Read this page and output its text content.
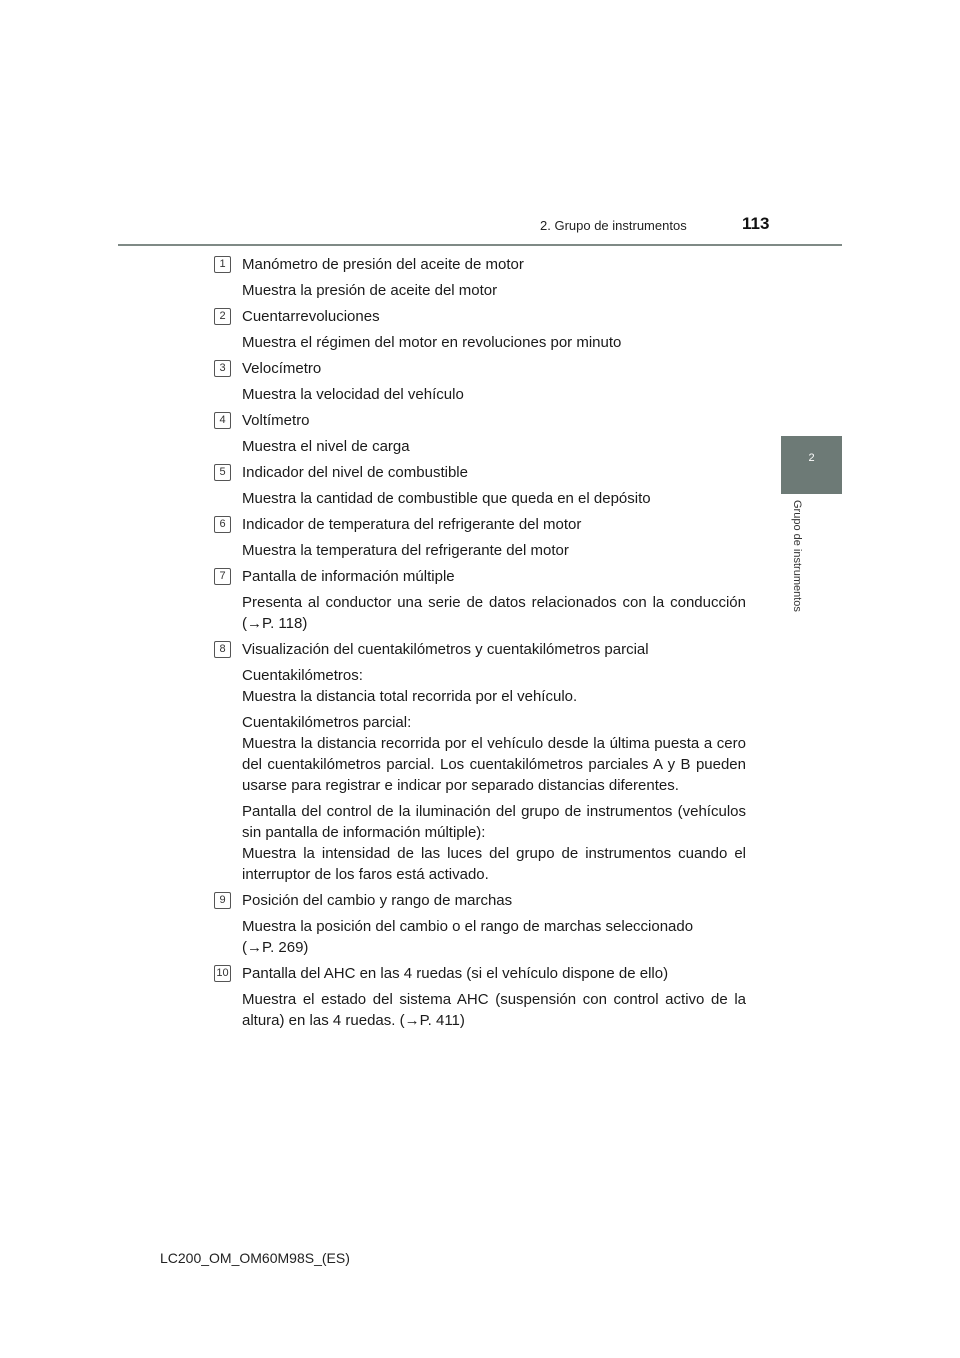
2. Grupo de instrumentos	113
2
Grupo de instrumentos
1	Manómetro de presión del aceite de motor
Muestra la presión de aceite del motor
2	Cuentarrevoluciones
Muestra el régimen del motor en revoluciones por minuto
3	Velocímetro
Muestra la velocidad del vehículo
4	Voltímetro
Muestra el nivel de carga
5	Indicador del nivel de combustible
Muestra la cantidad de combustible que queda en el depósito
6	Indicador de temperatura del refrigerante del motor
Muestra la temperatura del refrigerante del motor
7	Pantalla de información múltiple
Presenta al conductor una serie de datos relacionados con la conducción (→P. 118)
8	Visualización del cuentakilómetros y cuentakilómetros parcial
Cuentakilómetros:
Muestra la distancia total recorrida por el vehículo.
Cuentakilómetros parcial:
Muestra la distancia recorrida por el vehículo desde la última puesta a cero del cuentakilómetros parcial. Los cuentakilómetros parciales A y B pueden usarse para registrar e indicar por separado distancias diferentes.
Pantalla del control de la iluminación del grupo de instrumentos (vehículos sin pantalla de información múltiple):
Muestra la intensidad de las luces del grupo de instrumentos cuando el interruptor de los faros está activado.
9	Posición del cambio y rango de marchas
Muestra la posición del cambio o el rango de marchas seleccionado
(→P. 269)
10 Pantalla del AHC en las 4 ruedas (si el vehículo dispone de ello)
Muestra el estado del sistema AHC (suspensión con control activo de la altura) en las 4 ruedas. (→P. 411)
LC200_OM_OM60M98S_(ES)
